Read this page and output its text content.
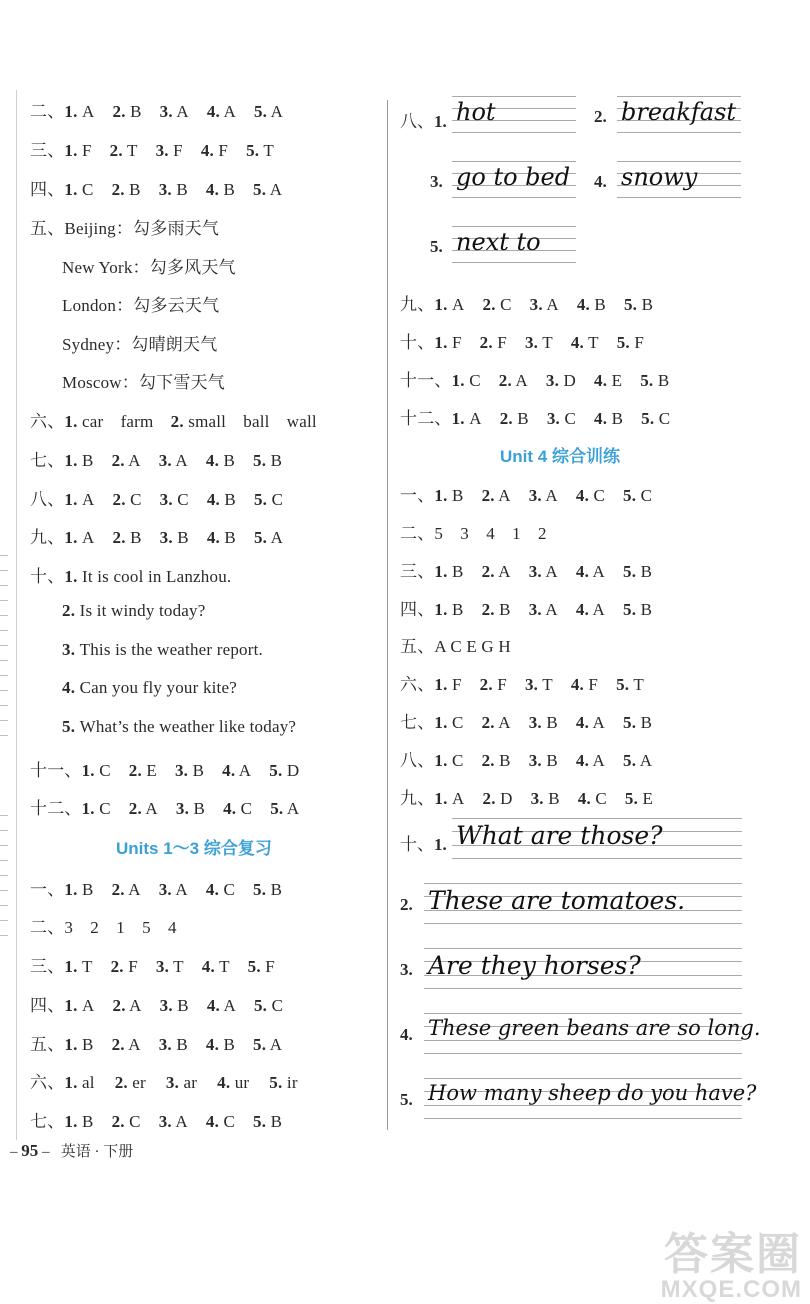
二、1. A 2. B 3. A 4. A 5. A
三、1. F 2. T 3. F 4. F 5. T
四、1. C 2. B 3. B 4. B 5. A
五、Beijing：勾多雨天气
New York：勾多风天气
London：勾多云天气
Sydney：勾晴朗天气
Moscow：勾下雪天气
六、1. car　farm　2. small　ball　wall
七、1. B 2. A 3. A 4. B 5. B
八、1. A 2. C 3. C 4. B 5. C
九、1. A 2. B 3. B 4. B 5. A
十、1. It is cool in Lanzhou.
2. Is it windy today?
3. This is the weather report.
4. Can you fly your kite?
5. What’s the weather like today?
十一、1. C 2. E 3. B 4. A 5. D
十二、1. C 2. A 3. B 4. C 5. A
Units 1～3 综合复习
一、1. B 2. A 3. A 4. C 5. B
二、3　2　1　5　4
三、1. T 2. F 3. T 4. T 5. F
四、1. A 2. A 3. B 4. A 5. C
五、1. B 2. A 3. B 4. B 5. A
六、1. al 2. er 3. ar 4. ur 5. ir
七、1. B 2. C 3. A 4. C 5. B
八、1. hot	2. breakfast
3. go to bed 4. snowy
5. next to
九、1. A 2. C 3. A 4. B 5. B
十、1. F 2. F 3. T 4. T 5. F
十一、1. C 2. A 3. D 4. E 5. B
十二、1. A 2. B 3. C 4. B 5. C
Unit 4 综合训练
一、1. B 2. A 3. A 4. C 5. C
二、5　3　4　1　2
三、1. B 2. A 3. A 4. A 5. B
四、1. B 2. B 3. A 4. A 5. B
五、A C E G H
六、1. F 2. F 3. T 4. F 5. T
七、1. C 2. A 3. B 4. A 5. B
八、1. C 2. B 3. B 4. A 5. A
九、1. A 2. D 3. B 4. C 5. E
十、1. What are those?
2. These are tomatoes.
3. Are they horses?
4. These green beans are so long.
5. How many sheep do you have?
– 95 – 英语 · 下册
答案圈
MXQE.COM
